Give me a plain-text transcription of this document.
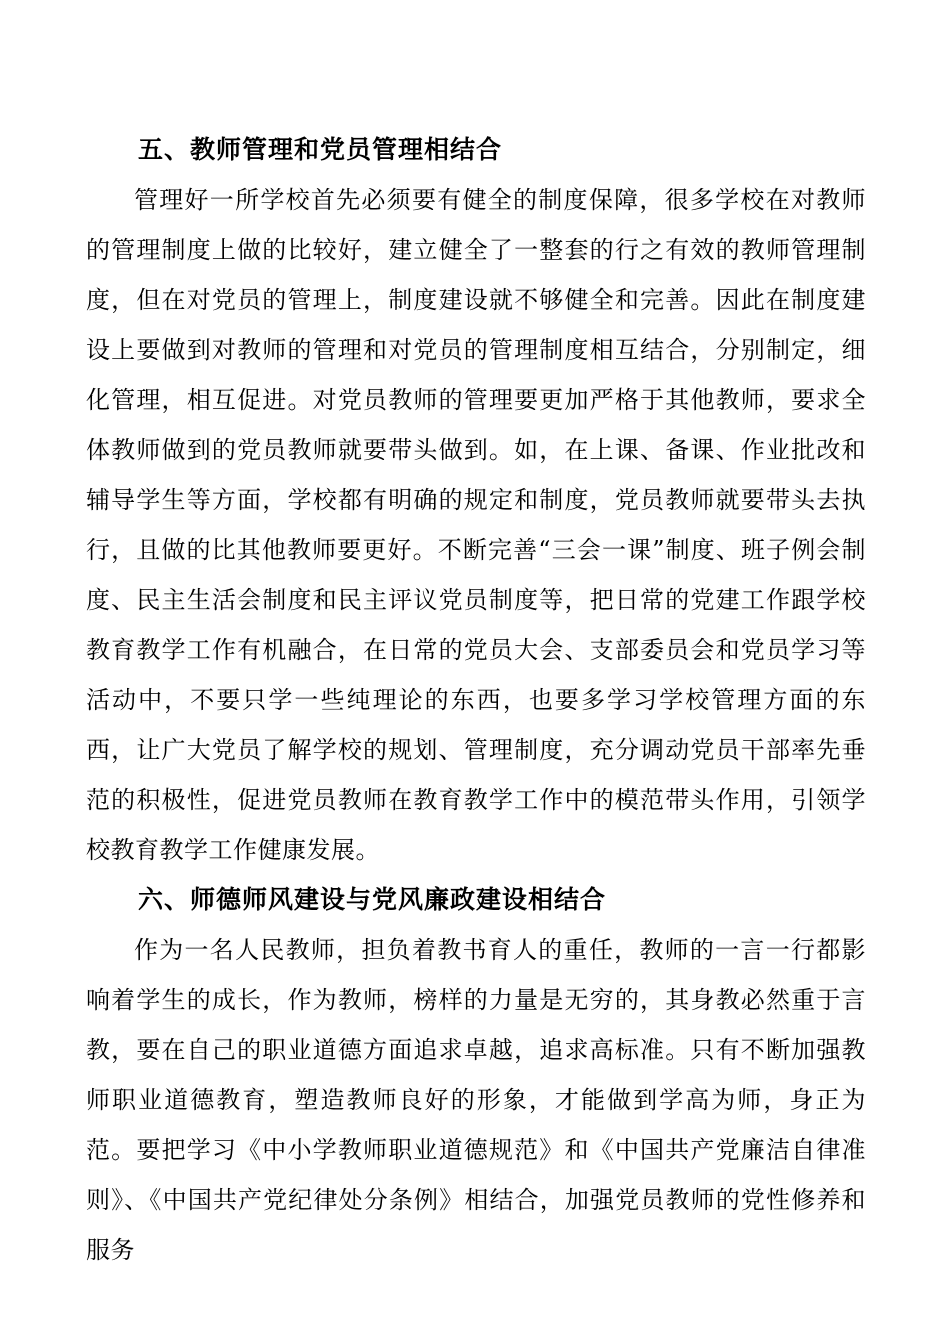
五、教师管理和党员管理相结合

管理好一所学校首先必须要有健全的制度保障，很多学校在对教师的管理制度上做的比较好，建立健全了一整套的行之有效的教师管理制度，但在对党员的管理上，制度建设就不够健全和完善。因此在制度建设上要做到对教师的管理和对党员的管理制度相互结合，分别制定，细化管理，相互促进。对党员教师的管理要更加严格于其他教师，要求全体教师做到的党员教师就要带头做到。如，在上课、备课、作业批改和辅导学生等方面，学校都有明确的规定和制度，党员教师就要带头去执行，且做的比其他教师要更好。不断完善“三会一课”制度、班子例会制度、民主生活会制度和民主评议党员制度等，把日常的党建工作跟学校教育教学工作有机融合，在日常的党员大会、支部委员会和党员学习等活动中，不要只学一些纯理论的东西，也要多学习学校管理方面的东西，让广大党员了解学校的规划、管理制度，充分调动党员干部率先垂范的积极性，促进党员教师在教育教学工作中的模范带头作用，引领学校教育教学工作健康发展。

六、师德师风建设与党风廉政建设相结合

作为一名人民教师，担负着教书育人的重任，教师的一言一行都影响着学生的成长，作为教师，榜样的力量是无穷的，其身教必然重于言教，要在自己的职业道德方面追求卓越，追求高标准。只有不断加强教师职业道德教育，塑造教师良好的形象，才能做到学高为师，身正为范。要把学习《中小学教师职业道德规范》和《中国共产党廉洁自律准则》、《中国共产党纪律处分条例》相结合，加强党员教师的党性修养和服务
